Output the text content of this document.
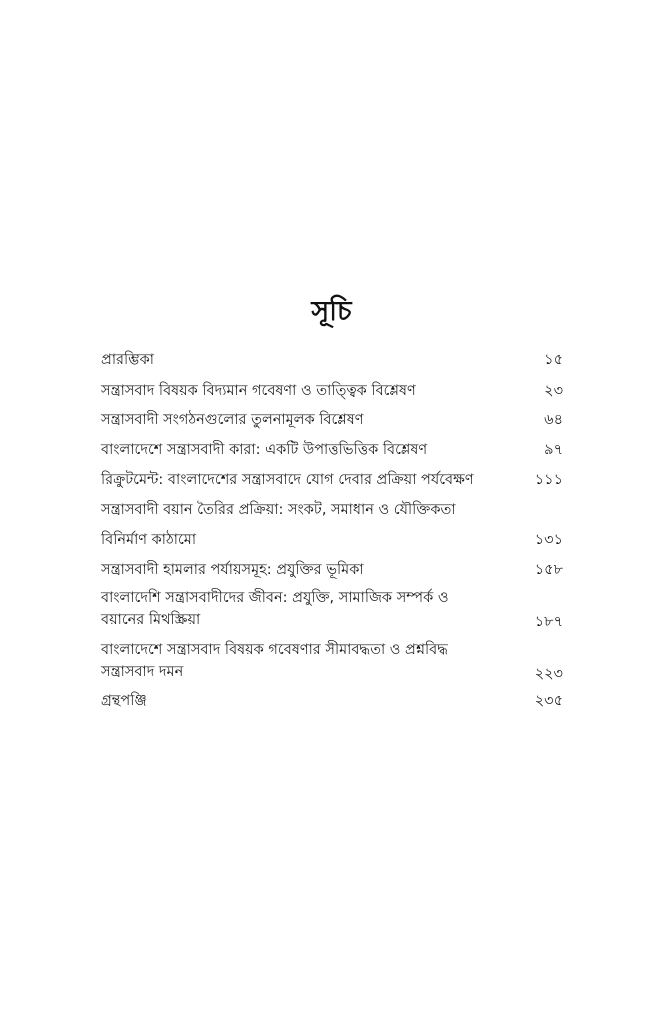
সূচি
প্রারম্ভিকা	১৫
সন্ত্রাসবাদ বিষয়ক বিদ্যমান গবেষণা ও তাত্ত্বিক বিশ্লেষণ	২৩
সন্ত্রাসবাদী সংগঠনগুলোর তুলনামূলক বিশ্লেষণ	৬৪
বাংলাদেশে সন্ত্রাসবাদী কারা: একটি উপাত্তভিত্তিক বিশ্লেষণ	৯৭
রিক্রুটমেন্ট: বাংলাদেশের সন্ত্রাসবাদে যোগ দেবার প্রক্রিয়া পর্যবেক্ষণ	১১১
সন্ত্রাসবাদী বয়ান তৈরির প্রক্রিয়া: সংকট, সমাধান ও যৌক্তিকতা
বিনির্মাণ কাঠামো	১৩১
সন্ত্রাসবাদী হামলার পর্যায়সমূহ: প্রযুক্তির ভূমিকা	১৫৮
বাংলাদেশি সন্ত্রাসবাদীদের জীবন: প্রযুক্তি, সামাজিক সম্পর্ক ও
বয়ানের মিথস্ক্রিয়া	১৮৭
বাংলাদেশে সন্ত্রাসবাদ বিষয়ক গবেষণার সীমাবদ্ধতা ও প্রশ্নবিদ্ধ
সন্ত্রাসবাদ দমন	২২৩
গ্রন্থপঞ্জি	২৩৫
